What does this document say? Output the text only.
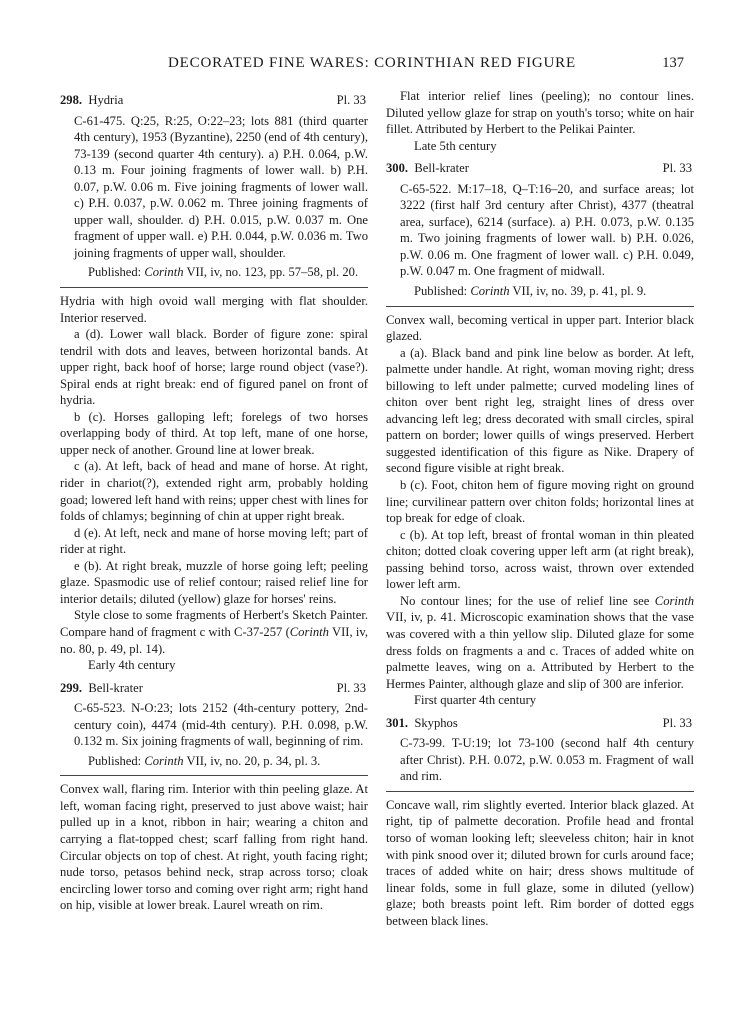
DECORATED FINE WARES: CORINTHIAN RED FIGURE	137
298. Hydria	Pl. 33
C-61-475. Q:25, R:25, O:22–23; lots 881 (third quarter 4th century), 1953 (Byzantine), 2250 (end of 4th century), 73-139 (second quarter 4th century). a) P.H. 0.064, p.W. 0.13 m. Four joining fragments of lower wall. b) P.H. 0.07, p.W. 0.06 m. Five joining fragments of lower wall. c) P.H. 0.037, p.W. 0.062 m. Three joining fragments of upper wall, shoulder. d) P.H. 0.015, p.W. 0.037 m. One fragment of upper wall. e) P.H. 0.044, p.W. 0.036 m. Two joining fragments of upper wall, shoulder.
Published: Corinth VII, iv, no. 123, pp. 57–58, pl. 20.

Hydria with high ovoid wall merging with flat shoulder. Interior reserved.

a (d). Lower wall black. Border of figure zone: spiral tendril with dots and leaves, between horizontal bands. At upper right, back hoof of horse; large round object (vase?). Spiral ends at right break: end of figured panel on front of hydria.

b (c). Horses galloping left; forelegs of two horses overlapping body of third. At top left, mane of one horse, upper neck of another. Ground line at lower break.

c (a). At left, back of head and mane of horse. At right, rider in chariot(?), extended right arm, probably holding goad; lowered left hand with reins; upper chest with lines for folds of chlamys; beginning of chin at upper right break.

d (e). At left, neck and mane of horse moving left; part of rider at right.

e (b). At right break, muzzle of horse going left; peeling glaze. Spasmodic use of relief contour; raised relief line for interior details; diluted (yellow) glaze for horses' reins.

Style close to some fragments of Herbert's Sketch Painter. Compare hand of fragment c with C-37-257 (Corinth VII, iv, no. 80, p. 49, pl. 14).

Early 4th century

299. Bell-krater	Pl. 33
C-65-523. N-O:23; lots 2152 (4th-century pottery, 2nd-century coin), 4474 (mid-4th century). P.H. 0.098, p.W. 0.132 m. Six joining fragments of wall, beginning of rim.
Published: Corinth VII, iv, no. 20, p. 34, pl. 3.

Convex wall, flaring rim. Interior with thin peeling glaze. At left, woman facing right, preserved to just above waist; hair pulled up in a knot, ribbon in hair; wearing a chiton and carrying a flat-topped chest; scarf falling from right hand. Circular objects on top of chest. At right, youth facing right; nude torso, petasos behind neck, strap across torso; cloak encircling lower torso and coming over right arm; right hand on hip, visible at lower break. Laurel wreath on rim.

Flat interior relief lines (peeling); no contour lines. Diluted yellow glaze for strap on youth's torso; white on hair fillet. Attributed by Herbert to the Pelikai Painter.

Late 5th century

300. Bell-krater	Pl. 33
C-65-522. M:17–18, Q–T:16–20, and surface areas; lot 3222 (first half 3rd century after Christ), 4377 (theatral area, surface), 6214 (surface). a) P.H. 0.073, p.W. 0.135 m. Two joining fragments of lower wall. b) P.H. 0.026, p.W. 0.06 m. One fragment of lower wall. c) P.H. 0.049, p.W. 0.047 m. One fragment of midwall.
Published: Corinth VII, iv, no. 39, p. 41, pl. 9.

Convex wall, becoming vertical in upper part. Interior black glazed.

a (a). Black band and pink line below as border. At left, palmette under handle. At right, woman moving right; dress billowing to left under palmette; curved modeling lines of chiton over bent right leg, straight lines of dress over advancing left leg; dress decorated with small circles, spiral pattern on border; lower quills of wings preserved. Herbert suggested identification of this figure as Nike. Drapery of second figure visible at right break.

b (c). Foot, chiton hem of figure moving right on ground line; curvilinear pattern over chiton folds; horizontal lines at top break for edge of cloak.

c (b). At top left, breast of frontal woman in thin pleated chiton; dotted cloak covering upper left arm (at right break), passing behind torso, across waist, thrown over extended lower left arm.

No contour lines; for the use of relief line see Corinth VII, iv, p. 41. Microscopic examination shows that the vase was covered with a thin yellow slip. Diluted glaze for some dress folds on fragments a and c. Traces of added white on palmette leaves, wing on a. Attributed by Herbert to the Hermes Painter, although glaze and slip of 300 are inferior.

First quarter 4th century

301. Skyphos	Pl. 33
C-73-99. T-U:19; lot 73-100 (second half 4th century after Christ). P.H. 0.072, p.W. 0.053 m. Fragment of wall and rim.

Concave wall, rim slightly everted. Interior black glazed. At right, tip of palmette decoration. Profile head and frontal torso of woman looking left; sleeveless chiton; hair in knot with pink snood over it; diluted brown for curls around face; traces of added white on hair; dress shows multitude of linear folds, some in full glaze, some in diluted (yellow) glaze; both breasts point left. Rim border of dotted eggs between black lines.
